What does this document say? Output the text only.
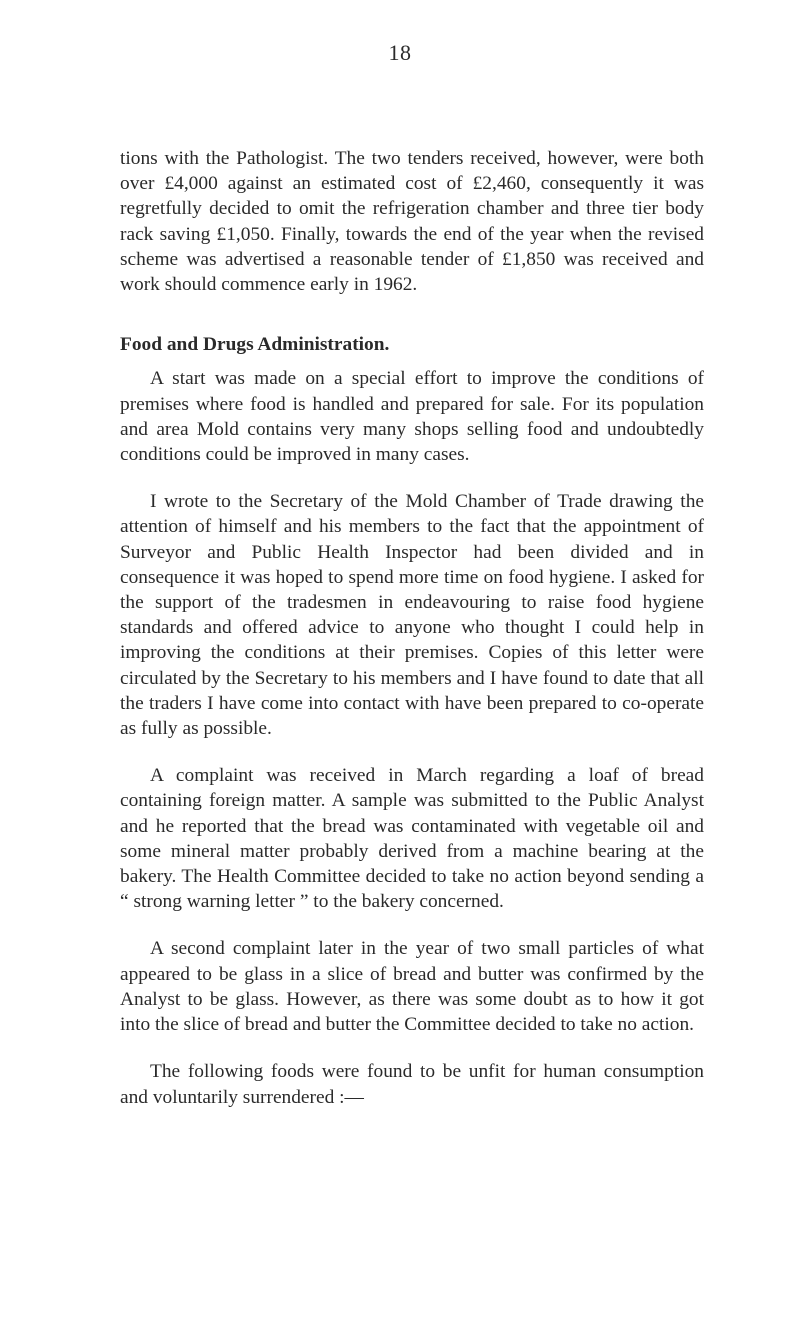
18

tions with the Pathologist. The two tenders received, however, were both over £4,000 against an estimated cost of £2,460, consequently it was regretfully decided to omit the refrigeration chamber and three tier body rack saving £1,050. Finally, towards the end of the year when the revised scheme was advertised a reasonable tender of £1,850 was received and work should commence early in 1962.

Food and Drugs Administration.

A start was made on a special effort to improve the conditions of premises where food is handled and prepared for sale. For its population and area Mold contains very many shops selling food and undoubtedly conditions could be improved in many cases.

I wrote to the Secretary of the Mold Chamber of Trade drawing the attention of himself and his members to the fact that the appointment of Surveyor and Public Health Inspector had been divided and in consequence it was hoped to spend more time on food hygiene. I asked for the support of the tradesmen in endeavouring to raise food hygiene standards and offered advice to anyone who thought I could help in improving the conditions at their premises. Copies of this letter were circulated by the Secretary to his members and I have found to date that all the traders I have come into contact with have been prepared to co-operate as fully as possible.

A complaint was received in March regarding a loaf of bread containing foreign matter. A sample was submitted to the Public Analyst and he reported that the bread was contaminated with vegetable oil and some mineral matter probably derived from a machine bearing at the bakery. The Health Committee decided to take no action beyond sending a “ strong warning letter ” to the bakery concerned.

A second complaint later in the year of two small particles of what appeared to be glass in a slice of bread and butter was confirmed by the Analyst to be glass. However, as there was some doubt as to how it got into the slice of bread and butter the Committee decided to take no action.

The following foods were found to be unfit for human consumption and voluntarily surrendered :—
